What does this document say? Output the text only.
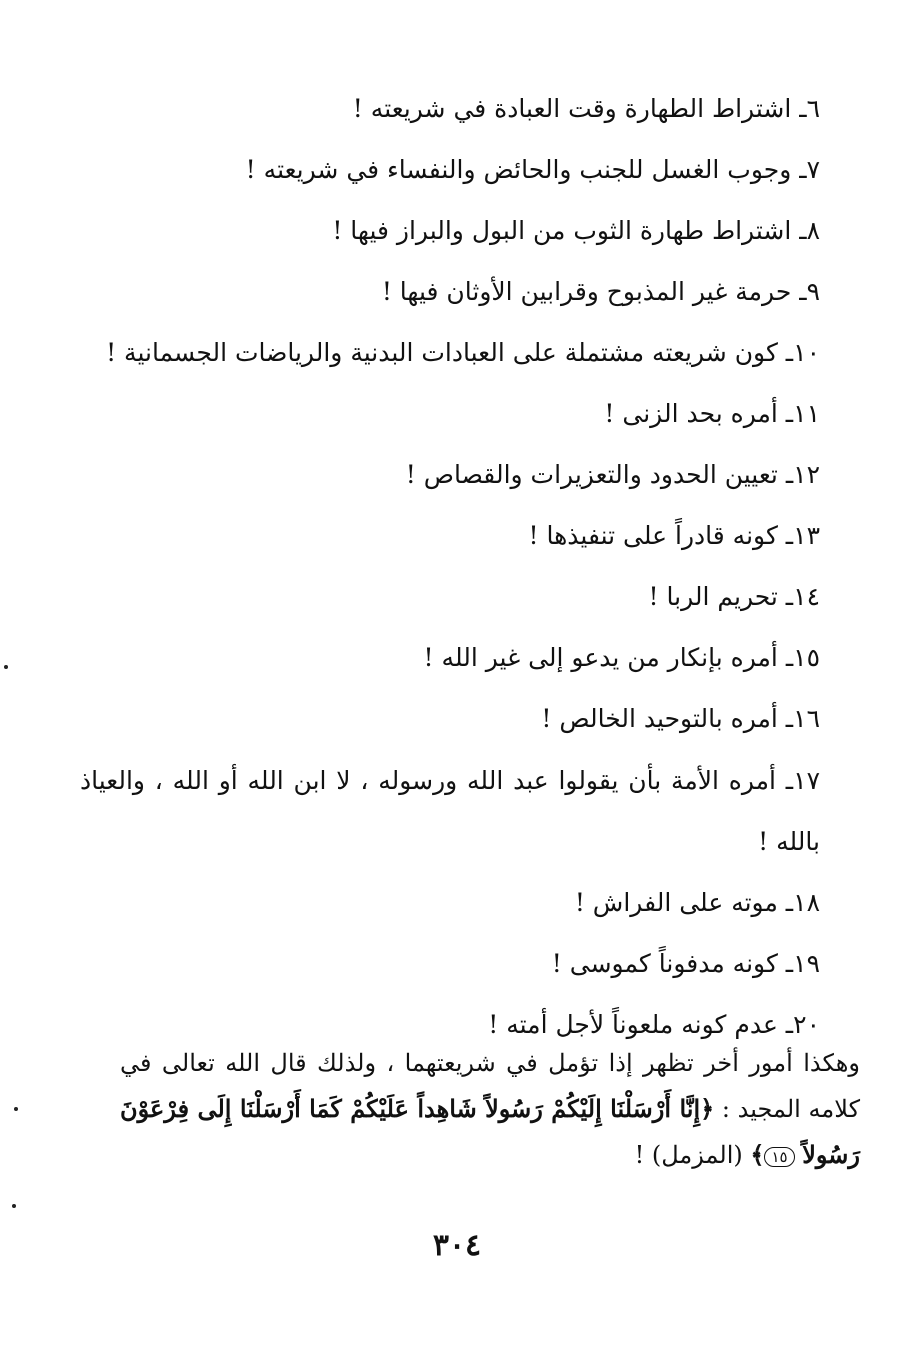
٦ـ اشتراط الطهارة وقت العبادة في شريعته !
٧ـ وجوب الغسل للجنب والحائض والنفساء في شريعته !
٨ـ اشتراط طهارة الثوب من البول والبراز فيها !
٩ـ حرمة غير المذبوح وقرابين الأوثان فيها !
١٠ـ كون شريعته مشتملة على العبادات البدنية والرياضات الجسمانية !
١١ـ أمره بحد الزنى !
١٢ـ تعيين الحدود والتعزيرات والقصاص !
١٣ـ كونه قادراً على تنفيذها !
١٤ـ تحريم الربا !
١٥ـ أمره بإنكار من يدعو إلى غير الله !
١٦ـ أمره بالتوحيد الخالص !
١٧ـ أمره الأمة بأن يقولوا عبد الله ورسوله ، لا ابن الله أو الله ، والعياذ بالله !
١٨ـ موته على الفراش !
١٩ـ كونه مدفوناً كموسى !
٢٠ـ عدم كونه ملعوناً لأجل أمته !
وهكذا أمور أخر تظهر إذا تؤمل في شريعتهما ، ولذلك قال الله تعالى في كلامه المجيد : ﴿إِنَّا أَرْسَلْنَا إِلَيْكُمْ رَسُولاً شَاهِداً عَلَيْكُمْ كَمَا أَرْسَلْنَا إِلَى فِرْعَوْنَ رَسُولاً ١٥﴾ (المزمل) !
٣٠٤
